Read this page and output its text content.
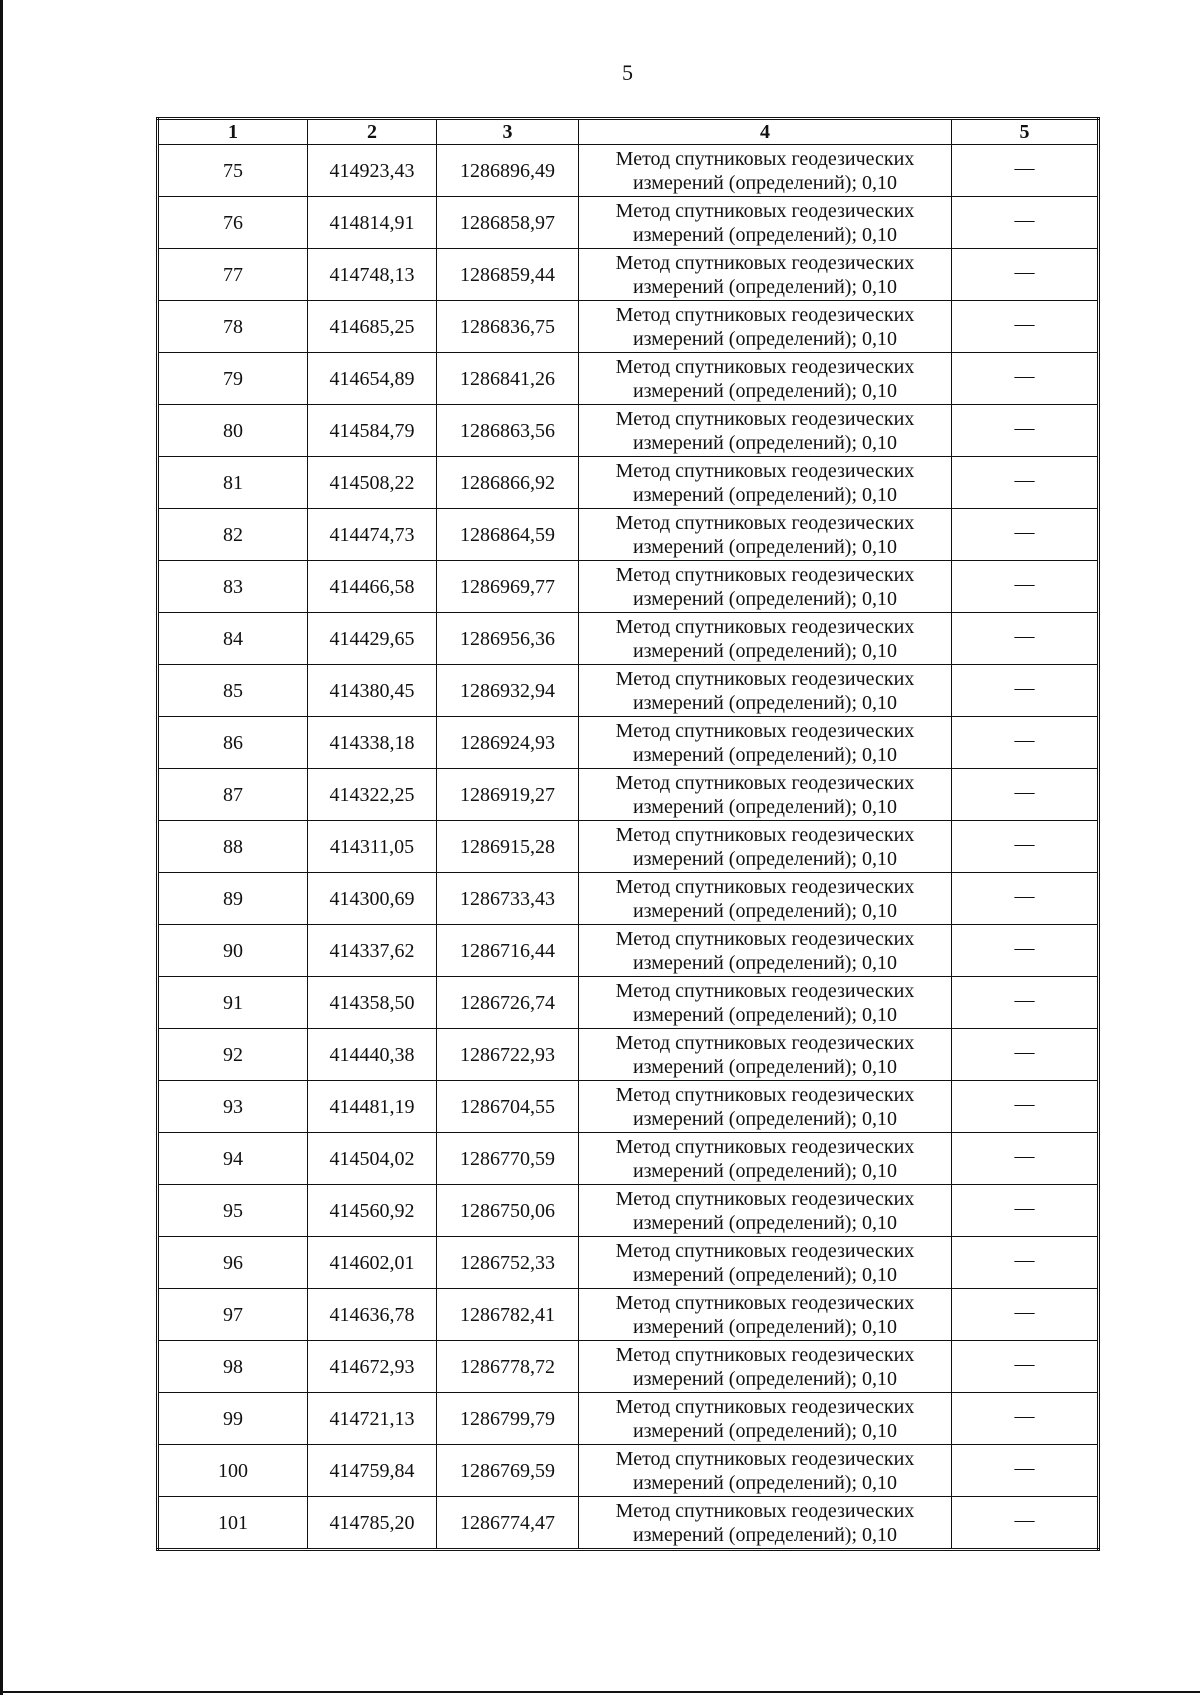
5
1	2	3	4	5
75	414923,43	1286896,49	Метод спутниковых геодезических
измерений (определений); 0,10	—
76	414814,91	1286858,97	Метод спутниковых геодезических
измерений (определений); 0,10	—
77	414748,13	1286859,44	Метод спутниковых геодезических
измерений (определений); 0,10	—
78	414685,25	1286836,75	Метод спутниковых геодезических
измерений (определений); 0,10	—
79	414654,89	1286841,26	Метод спутниковых геодезических
измерений (определений); 0,10	—
80	414584,79	1286863,56	Метод спутниковых геодезических
измерений (определений); 0,10	—
81	414508,22	1286866,92	Метод спутниковых геодезических
измерений (определений); 0,10	—
82	414474,73	1286864,59	Метод спутниковых геодезических
измерений (определений); 0,10	—
83	414466,58	1286969,77	Метод спутниковых геодезических
измерений (определений); 0,10	—
84	414429,65	1286956,36	Метод спутниковых геодезических
измерений (определений); 0,10	—
85	414380,45	1286932,94	Метод спутниковых геодезических
измерений (определений); 0,10	—
86	414338,18	1286924,93	Метод спутниковых геодезических
измерений (определений); 0,10	—
87	414322,25	1286919,27	Метод спутниковых геодезических
измерений (определений); 0,10	—
88	414311,05	1286915,28	Метод спутниковых геодезических
измерений (определений); 0,10	—
89	414300,69	1286733,43	Метод спутниковых геодезических
измерений (определений); 0,10	—
90	414337,62	1286716,44	Метод спутниковых геодезических
измерений (определений); 0,10	—
91	414358,50	1286726,74	Метод спутниковых геодезических
измерений (определений); 0,10	—
92	414440,38	1286722,93	Метод спутниковых геодезических
измерений (определений); 0,10	—
93	414481,19	1286704,55	Метод спутниковых геодезических
измерений (определений); 0,10	—
94	414504,02	1286770,59	Метод спутниковых геодезических
измерений (определений); 0,10	—
95	414560,92	1286750,06	Метод спутниковых геодезических
измерений (определений); 0,10	—
96	414602,01	1286752,33	Метод спутниковых геодезических
измерений (определений); 0,10	—
97	414636,78	1286782,41	Метод спутниковых геодезических
измерений (определений); 0,10	—
98	414672,93	1286778,72	Метод спутниковых геодезических
измерений (определений); 0,10	—
99	414721,13	1286799,79	Метод спутниковых геодезических
измерений (определений); 0,10	—
100	414759,84	1286769,59	Метод спутниковых геодезических
измерений (определений); 0,10	—
101	414785,20	1286774,47	Метод спутниковых геодезических
измерений (определений); 0,10	—
